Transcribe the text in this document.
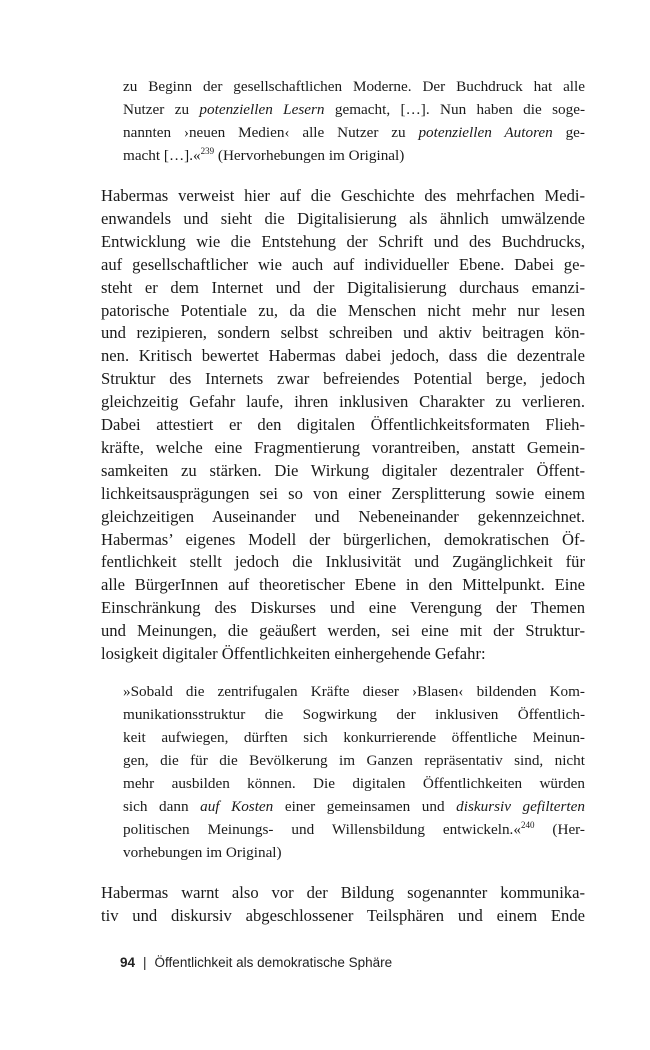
zu Beginn der gesellschaftlichen Moderne. Der Buchdruck hat alle
Nutzer zu potenziellen Lesern gemacht, […]. Nun haben die soge-
nannten ›neuen Medien‹ alle Nutzer zu potenziellen Autoren ge-
macht […].«$^{239}$ (Hervorhebungen im Original)
Habermas verweist hier auf die Geschichte des mehrfachen Medi-
enwandels und sieht die Digitalisierung als ähnlich umwälzende
Entwicklung wie die Entstehung der Schrift und des Buchdrucks,
auf gesellschaftlicher wie auch auf individueller Ebene. Dabei ge-
steht er dem Internet und der Digitalisierung durchaus emanzi-
patorische Potentiale zu, da die Menschen nicht mehr nur lesen
und rezipieren, sondern selbst schreiben und aktiv beitragen kön-
nen. Kritisch bewertet Habermas dabei jedoch, dass die dezentrale
Struktur des Internets zwar befreiendes Potential berge, jedoch
gleichzeitig Gefahr laufe, ihren inklusiven Charakter zu verlieren.
Dabei attestiert er den digitalen Öffentlichkeitsformaten Flieh-
kräfte, welche eine Fragmentierung vorantreiben, anstatt Gemein-
samkeiten zu stärken. Die Wirkung digitaler dezentraler Öffent-
lichkeitsausprägungen sei so von einer Zersplitterung sowie einem
gleichzeitigen Auseinander und Nebeneinander gekennzeichnet.
Habermas’ eigenes Modell der bürgerlichen, demokratischen Öf-
fentlichkeit stellt jedoch die Inklusivität und Zugänglichkeit für
alle BürgerInnen auf theoretischer Ebene in den Mittelpunkt. Eine
Einschränkung des Diskurses und eine Verengung der Themen
und Meinungen, die geäußert werden, sei eine mit der Struktur-
losigkeit digitaler Öffentlichkeiten einhergehende Gefahr:
»Sobald die zentrifugalen Kräfte dieser ›Blasen‹ bildenden Kom-
munikationsstruktur die Sogwirkung der inklusiven Öffentlich-
keit aufwiegen, dürften sich konkurrierende öffentliche Meinun-
gen, die für die Bevölkerung im Ganzen repräsentativ sind, nicht
mehr ausbilden können. Die digitalen Öffentlichkeiten würden
sich dann auf Kosten einer gemeinsamen und diskursiv gefilterten
politischen Meinungs- und Willensbildung entwickeln.«$^{240}$ (Her-
vorhebungen im Original)
Habermas warnt also vor der Bildung sogenannter kommunika-
tiv und diskursiv abgeschlossener Teilsphären und einem Ende
94 | Öffentlichkeit als demokratische Sphäre
